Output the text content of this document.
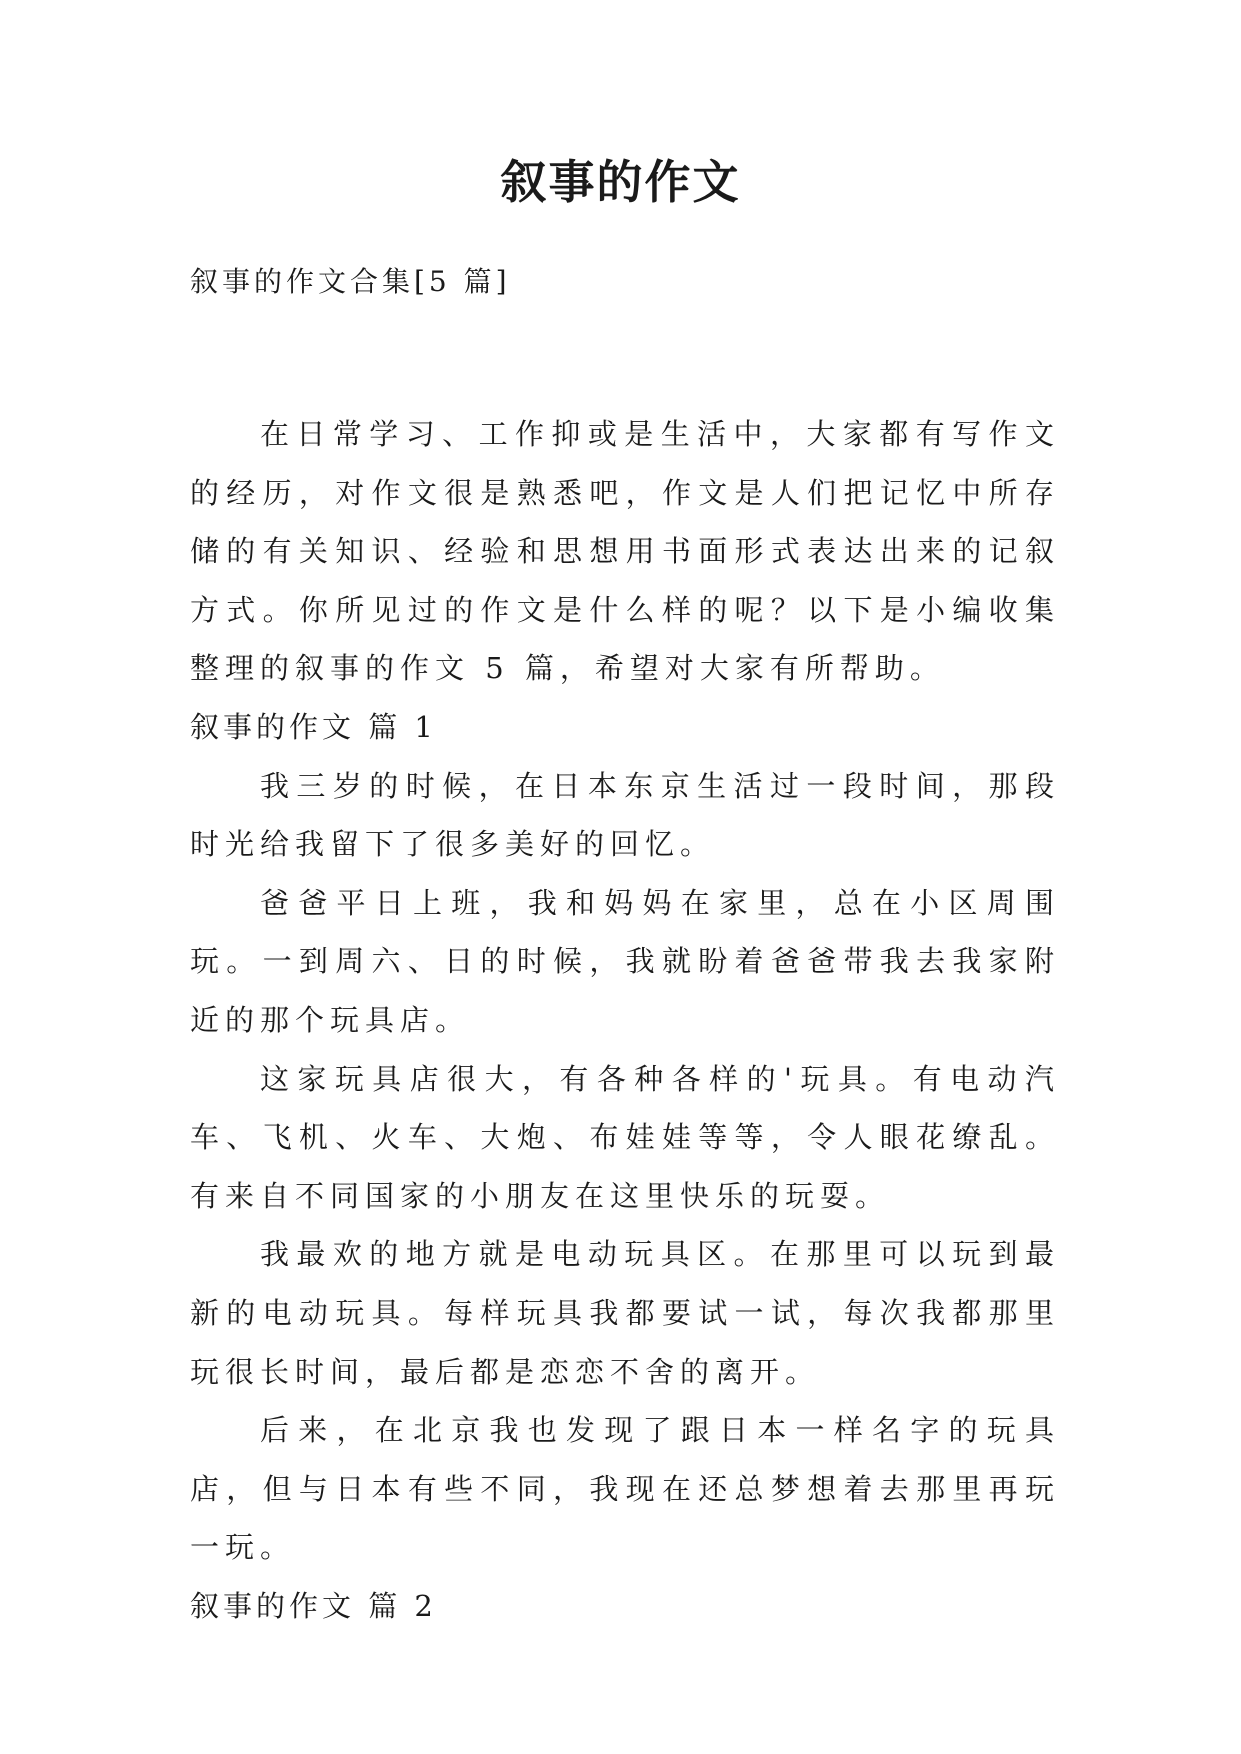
叙事的作文

叙事的作文合集[5 篇]

在日常学习、工作抑或是生活中，大家都有写作文的经历，对作文很是熟悉吧，作文是人们把记忆中所存储的有关知识、经验和思想用书面形式表达出来的记叙方式。你所见过的作文是什么样的呢？以下是小编收集整理的叙事的作文 5 篇，希望对大家有所帮助。

叙事的作文 篇 1

我三岁的时候，在日本东京生活过一段时间，那段时光给我留下了很多美好的回忆。

爸爸平日上班，我和妈妈在家里，总在小区周围玩。一到周六、日的时候，我就盼着爸爸带我去我家附近的那个玩具店。

这家玩具店很大，有各种各样的'玩具。有电动汽车、飞机、火车、大炮、布娃娃等等，令人眼花缭乱。有来自不同国家的小朋友在这里快乐的玩耍。

我最欢的地方就是电动玩具区。在那里可以玩到最新的电动玩具。每样玩具我都要试一试，每次我都那里玩很长时间，最后都是恋恋不舍的离开。

后来，在北京我也发现了跟日本一样名字的玩具店，但与日本有些不同，我现在还总梦想着去那里再玩一玩。

叙事的作文 篇 2
